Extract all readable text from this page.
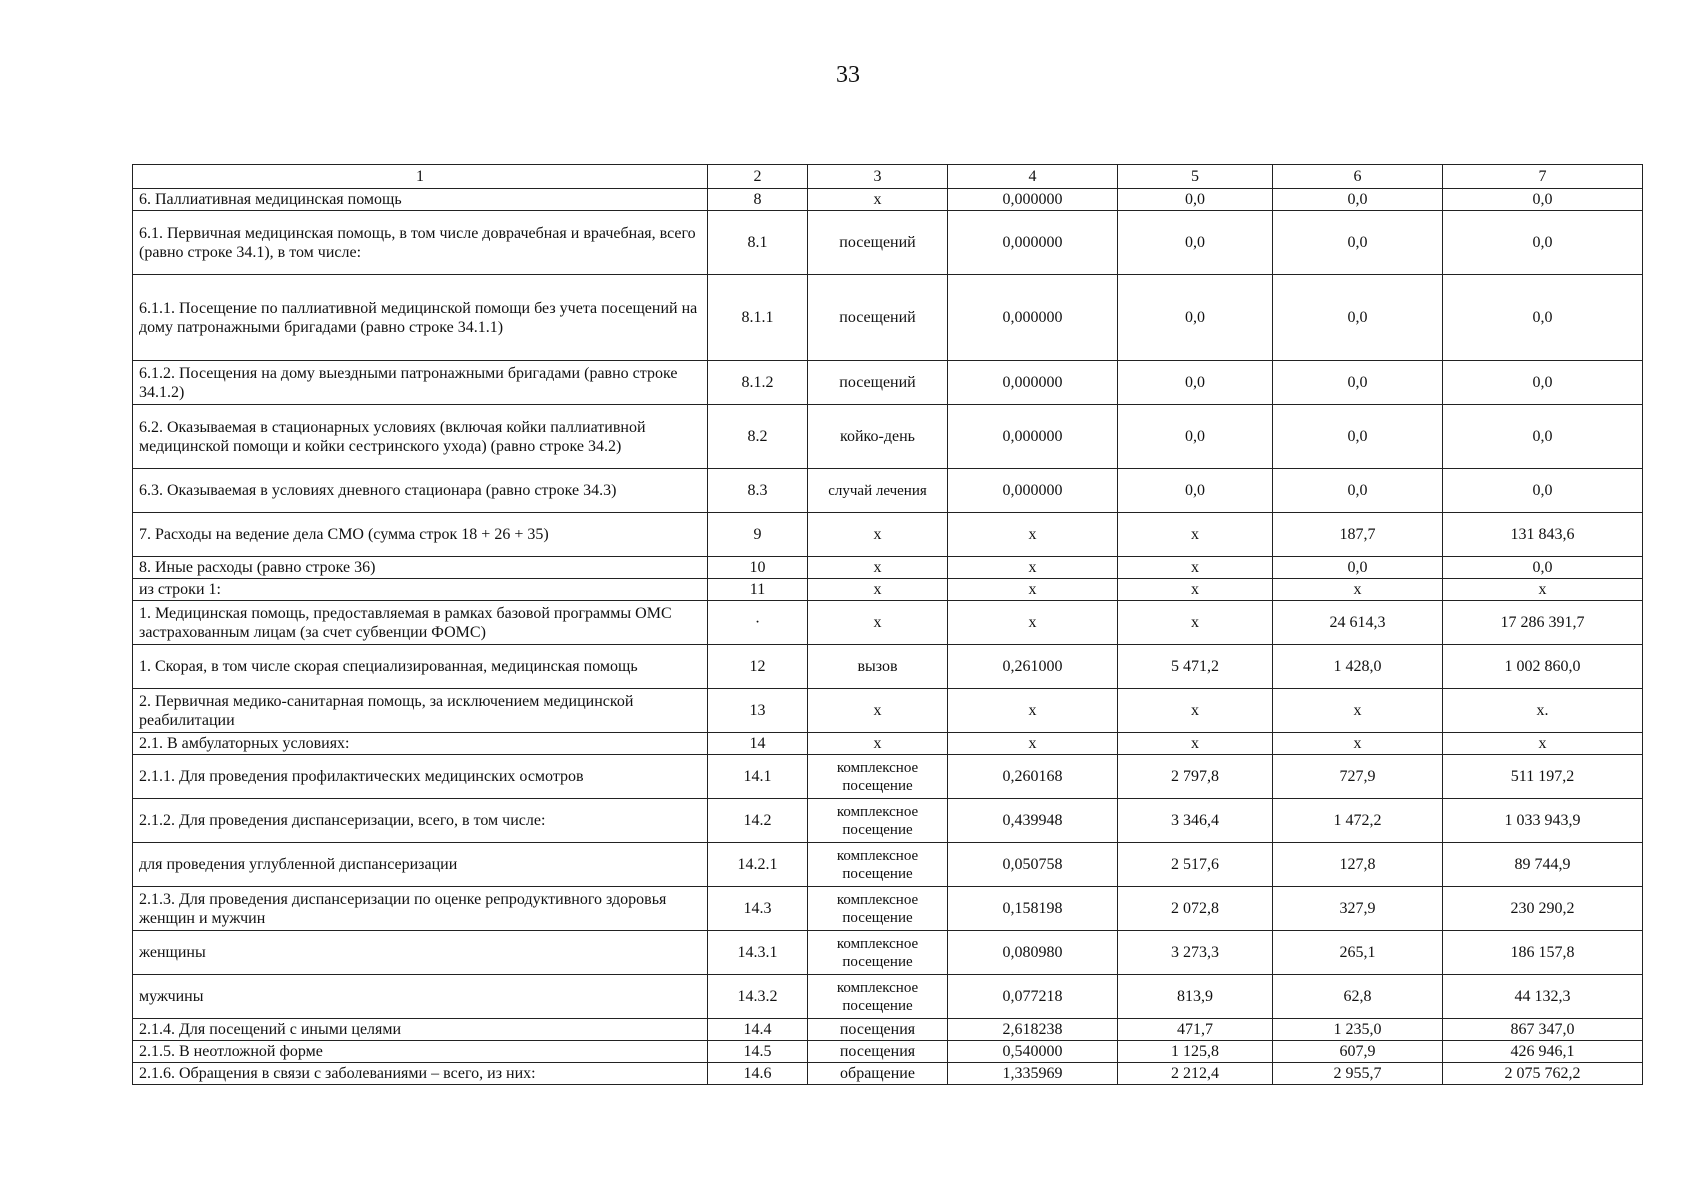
33
1	2	3	4	5	6	7
6. Паллиативная медицинская помощь	8	х	0,000000	0,0	0,0	0,0
6.1. Первичная медицинская помощь, в том числе доврачебная и врачебная, всего (равно строке 34.1), в том числе:	8.1	посещений	0,000000	0,0	0,0	0,0
6.1.1. Посещение по паллиативной медицинской помощи без учета посещений на дому патронажными бригадами (равно строке 34.1.1)	8.1.1	посещений	0,000000	0,0	0,0	0,0
6.1.2. Посещения на дому выездными патронажными бригадами (равно строке 34.1.2)	8.1.2	посещений	0,000000	0,0	0,0	0,0
6.2. Оказываемая в стационарных условиях (включая койки паллиативной медицинской помощи и койки сестринского ухода) (равно строке 34.2)	8.2	койко-день	0,000000	0,0	0,0	0,0
6.3. Оказываемая в условиях дневного стационара (равно строке 34.3)	8.3	случай лечения	0,000000	0,0	0,0	0,0
7. Расходы на ведение дела СМО (сумма строк 18 + 26 + 35)	9	х	х	х	187,7	131 843,6
8. Иные расходы (равно строке 36)	10	х	х	х	0,0	0,0
из строки 1:	11	х	х	х	х	х
1. Медицинская помощь, предоставляемая в рамках базовой программы ОМС застрахованным лицам (за счет субвенции ФОМС)	·	х	х	х	24 614,3	17 286 391,7
1. Скорая, в том числе скорая специализированная, медицинская помощь	12	вызов	0,261000	5 471,2	1 428,0	1 002 860,0
2. Первичная медико-санитарная помощь, за исключением медицинской реабилитации	13	х	х	х	х	х.
2.1. В амбулаторных условиях:	14	х	х	х	х	х
2.1.1. Для проведения профилактических медицинских осмотров	14.1	комплексное посещение	0,260168	2 797,8	727,9	511 197,2
2.1.2. Для проведения диспансеризации, всего, в том числе:	14.2	комплексное посещение	0,439948	3 346,4	1 472,2	1 033 943,9
для проведения углубленной диспансеризации	14.2.1	комплексное посещение	0,050758	2 517,6	127,8	89 744,9
2.1.3. Для проведения диспансеризации по оценке репродуктивного здоровья женщин и мужчин	14.3	комплексное посещение	0,158198	2 072,8	327,9	230 290,2
женщины	14.3.1	комплексное посещение	0,080980	3 273,3	265,1	186 157,8
мужчины	14.3.2	комплексное посещение	0,077218	813,9	62,8	44 132,3
2.1.4. Для посещений с иными целями	14.4	посещения	2,618238	471,7	1 235,0	867 347,0
2.1.5. В неотложной форме	14.5	посещения	0,540000	1 125,8	607,9	426 946,1
2.1.6. Обращения в связи с заболеваниями – всего, из них:	14.6	обращение	1,335969	2 212,4	2 955,7	2 075 762,2
